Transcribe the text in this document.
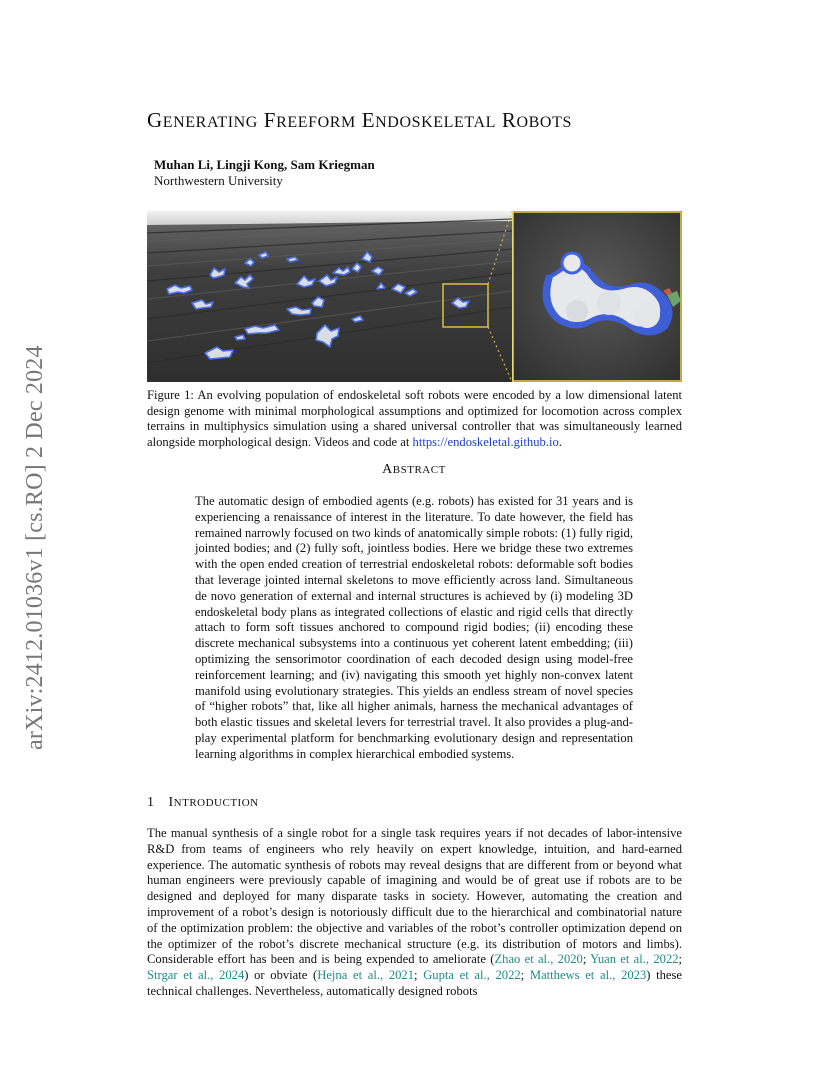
arXiv:2412.01036v1 [cs.RO] 2 Dec 2024
GENERATING FREEFORM ENDOSKELETAL ROBOTS
Muhan Li, Lingji Kong, Sam Kriegman
Northwestern University
Figure 1: An evolving population of endoskeletal soft robots were encoded by a low dimensional latent design genome with minimal morphological assumptions and optimized for locomotion across complex terrains in multiphysics simulation using a shared universal controller that was simultaneously learned alongside morphological design. Videos and code at https://endoskeletal.github.io.
ABSTRACT
The automatic design of embodied agents (e.g. robots) has existed for 31 years and is experiencing a renaissance of interest in the literature. To date however, the field has remained narrowly focused on two kinds of anatomically simple robots: (1) fully rigid, jointed bodies; and (2) fully soft, jointless bodies. Here we bridge these two extremes with the open ended creation of terrestrial endoskeletal robots: deformable soft bodies that leverage jointed internal skeletons to move efficiently across land. Simultaneous de novo generation of external and internal structures is achieved by (i) modeling 3D endoskeletal body plans as integrated collections of elastic and rigid cells that directly attach to form soft tissues anchored to compound rigid bodies; (ii) encoding these discrete mechanical subsystems into a continuous yet coherent latent embedding; (iii) optimizing the sensorimotor coordination of each decoded design using model-free reinforcement learning; and (iv) navigating this smooth yet highly non-convex latent manifold using evolutionary strategies. This yields an endless stream of novel species of “higher robots” that, like all higher animals, harness the mechanical advantages of both elastic tissues and skeletal levers for terrestrial travel. It also provides a plug-and-play experimental platform for benchmarking evolutionary design and representation learning algorithms in complex hierarchical embodied systems.
1 INTRODUCTION
The manual synthesis of a single robot for a single task requires years if not decades of labor-intensive R&D from teams of engineers who rely heavily on expert knowledge, intuition, and hard-earned experience. The automatic synthesis of robots may reveal designs that are different from or beyond what human engineers were previously capable of imagining and would be of great use if robots are to be designed and deployed for many disparate tasks in society. However, automating the creation and improvement of a robot’s design is notoriously difficult due to the hierarchical and combinatorial nature of the optimization problem: the objective and variables of the robot’s controller optimization depend on the optimizer of the robot’s discrete mechanical structure (e.g. its distribution of motors and limbs). Considerable effort has been and is being expended to ameliorate (Zhao et al., 2020; Yuan et al., 2022; Strgar et al., 2024) or obviate (Hejna et al., 2021; Gupta et al., 2022; Matthews et al., 2023) these technical challenges. Nevertheless, automatically designed robots
